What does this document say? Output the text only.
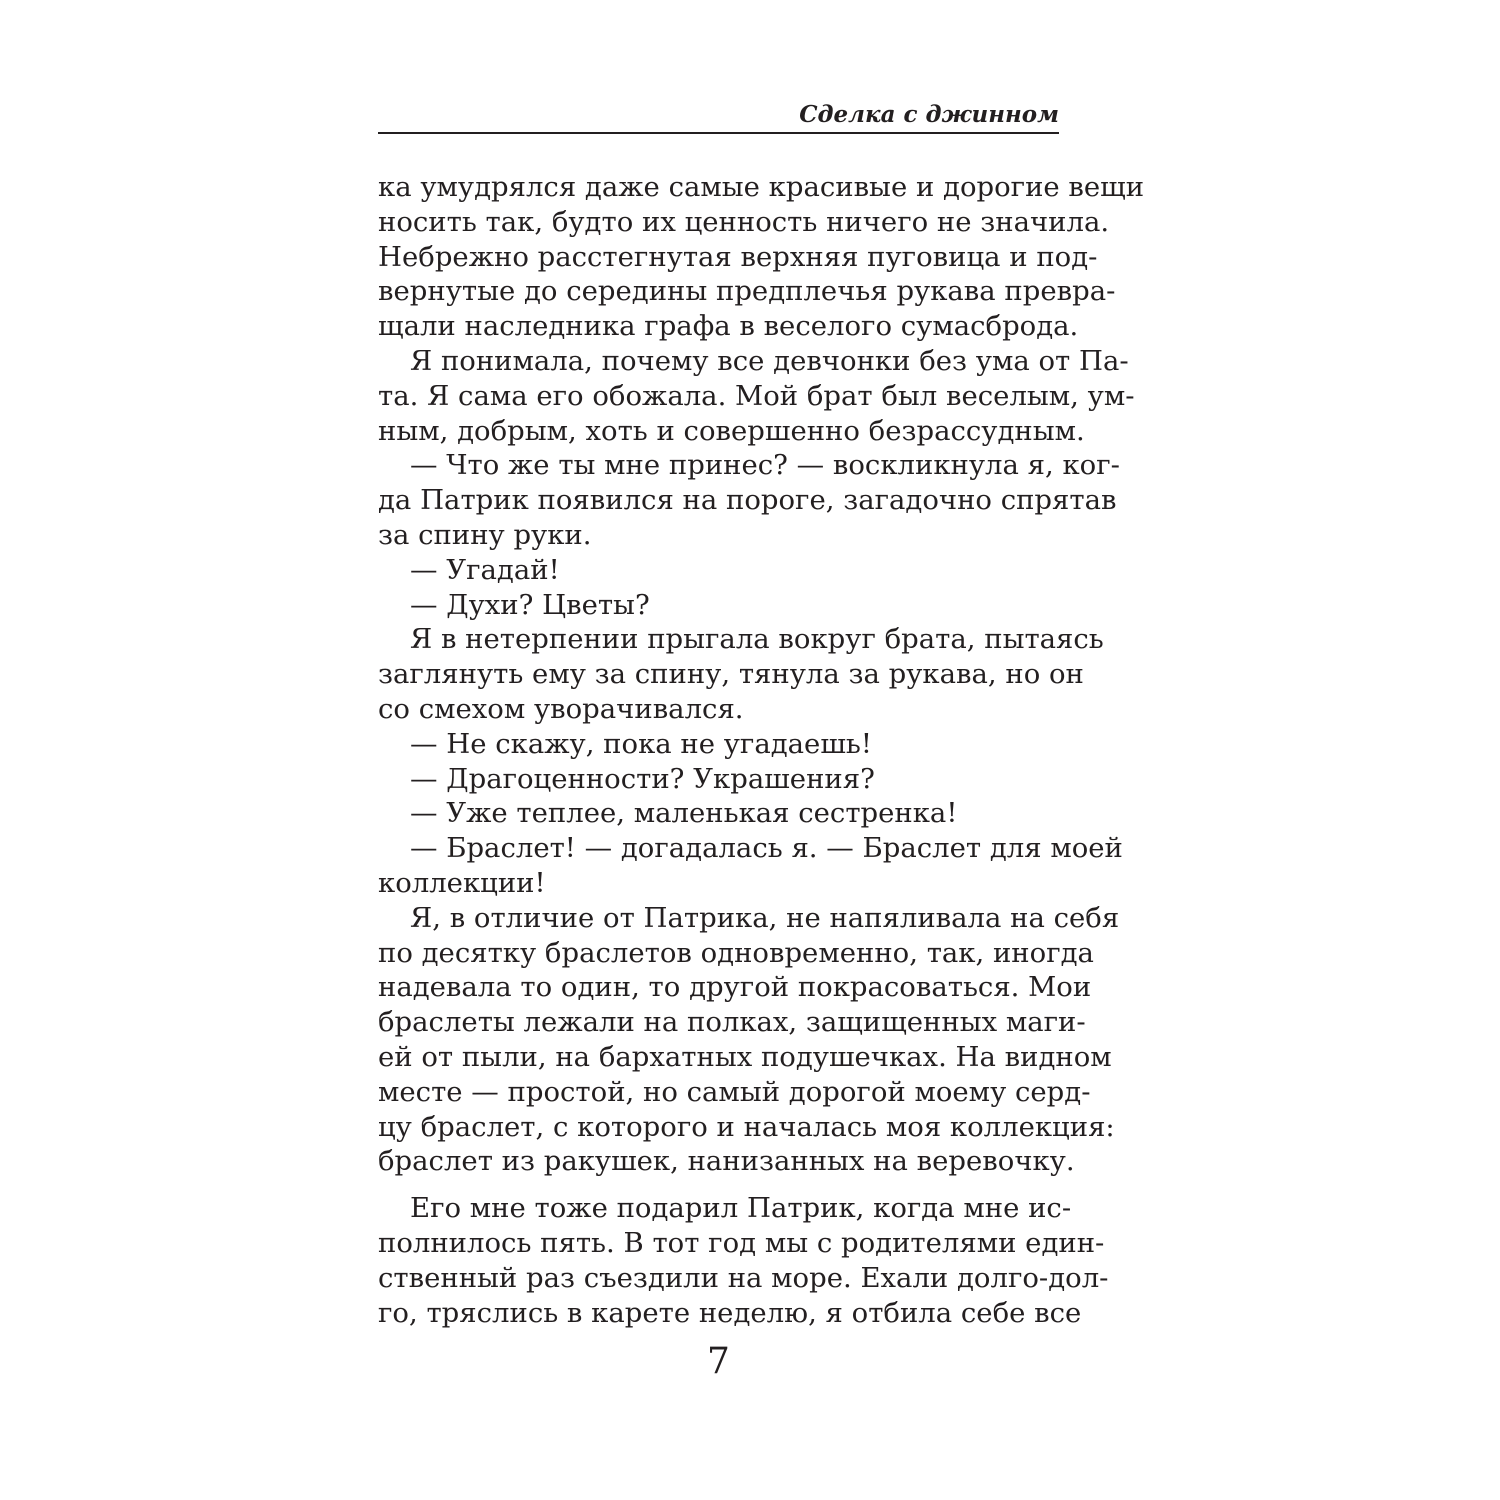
Сделка с джинном
ка умудрялся даже самые красивые и дорогие вещи
носить так, будто их ценность ничего не значила.
Небрежно расстегнутая верхняя пуговица и под-
вернутые до середины предплечья рукава превра-
щали наследника графа в веселого сумасброда.
Я понимала, почему все девчонки без ума от Па-
та. Я сама его обожала. Мой брат был веселым, ум-
ным, добрым, хоть и совершенно безрассудным.
— Что же ты мне принес? — воскликнула я, ког-
да Патрик появился на пороге, загадочно спрятав
за спину руки.
— Угадай!
— Духи? Цветы?
Я в нетерпении прыгала вокруг брата, пытаясь
заглянуть ему за спину, тянула за рукава, но он
со смехом уворачивался.
— Не скажу, пока не угадаешь!
— Драгоценности? Украшения?
— Уже теплее, маленькая сестренка!
— Браслет! — догадалась я. — Браслет для моей
коллекции!
Я, в отличие от Патрика, не напяливала на себя
по десятку браслетов одновременно, так, иногда
надевала то один, то другой покрасоваться. Мои
браслеты лежали на полках, защищенных маги-
ей от пыли, на бархатных подушечках. На видном
месте — простой, но самый дорогой моему серд-
цу браслет, с которого и началась моя коллекция:
браслет из ракушек, нанизанных на веревочку.
Его мне тоже подарил Патрик, когда мне ис-
полнилось пять. В тот год мы с родителями един-
ственный раз съездили на море. Ехали долго-дол-
го, тряслись в карете неделю, я отбила себе все
7
